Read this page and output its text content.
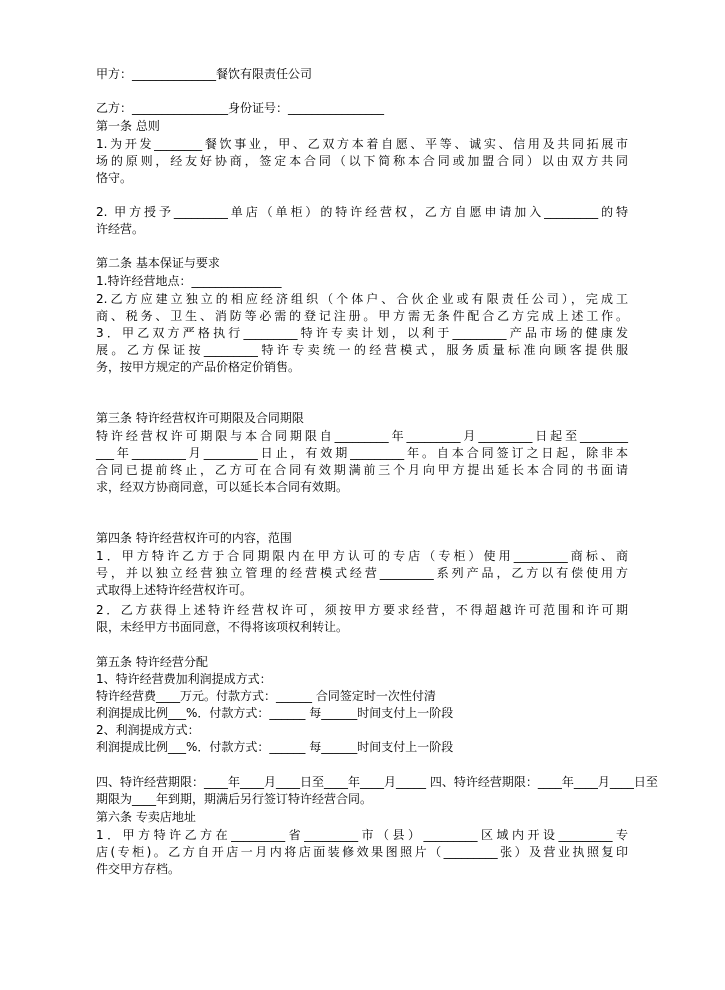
甲方：______________餐饮有限责任公司

乙方：________________身份证号：________________

第一条 总则

1.为开发________餐饮事业，甲、乙双方本着自愿、平等、诚实、信用及共同拓展市

场的原则，经友好协商，签定本合同（以下简称本合同或加盟合同）以由双方共同

恪守。

2. 甲方授予_________单店（单柜）的特许经营权，乙方自愿申请加入_________的特

许经营。

第二条 基本保证与要求

1.特许经营地点：_______________

2.乙方应建立独立的相应经济组织（个体户、合伙企业或有限责任公司），完成工

商、税务、卫生、消防等必需的登记注册。甲方需无条件配合乙方完成上述工作。

3．甲乙双方严格执行_________特许专卖计划，以利于_________产品市场的健康发

展。乙方保证按_________特许专卖统一的经营模式，服务质量标准向顾客提供服

务，按甲方规定的产品价格定价销售。

第三条 特许经营权许可期限及合同期限

特许经营权许可期限与本合同期限自_________年_________月_________日起至________

___年_________月_________日止，有效期_________年。自本合同签订之日起，除非本

合同已提前终止，乙方可在合同有效期满前三个月向甲方提出延长本合同的书面请

求，经双方协商同意，可以延长本合同有效期。

第四条 特许经营权许可的内容，范围

1．甲方特许乙方于合同期限内在甲方认可的专店（专柜）使用_________商标、商

号，并以独立经营独立管理的经营模式经营_________系列产品，乙方以有偿使用方

式取得上述特许经营权许可。

2．乙方获得上述特许经营权许可，须按甲方要求经营，不得超越许可范围和许可期

限，未经甲方书面同意，不得将该项权利转让。

第五条 特许经营分配

1、特许经营费加利润提成方式：

特许经营费____万元。付款方式：______ 合同签定时一次性付清

利润提成比例___%．付款方式：______ 每______时间支付上一阶段

2、利润提成方式：

利润提成比例___%．付款方式：______ 每______时间支付上一阶段

四、特许经营期限：____年____月____日至____年____月_____ 四、特许经营期限：____年____月____日至

期限为____年到期，期满后另行签订特许经营合同。

第六条 专卖店地址

1．甲方特许乙方在_________省_________市（县）_________区域内开设_________专

店(专柜)。乙方自开店一月内将店面装修效果图照片（_________张）及营业执照复印

件交甲方存档。
